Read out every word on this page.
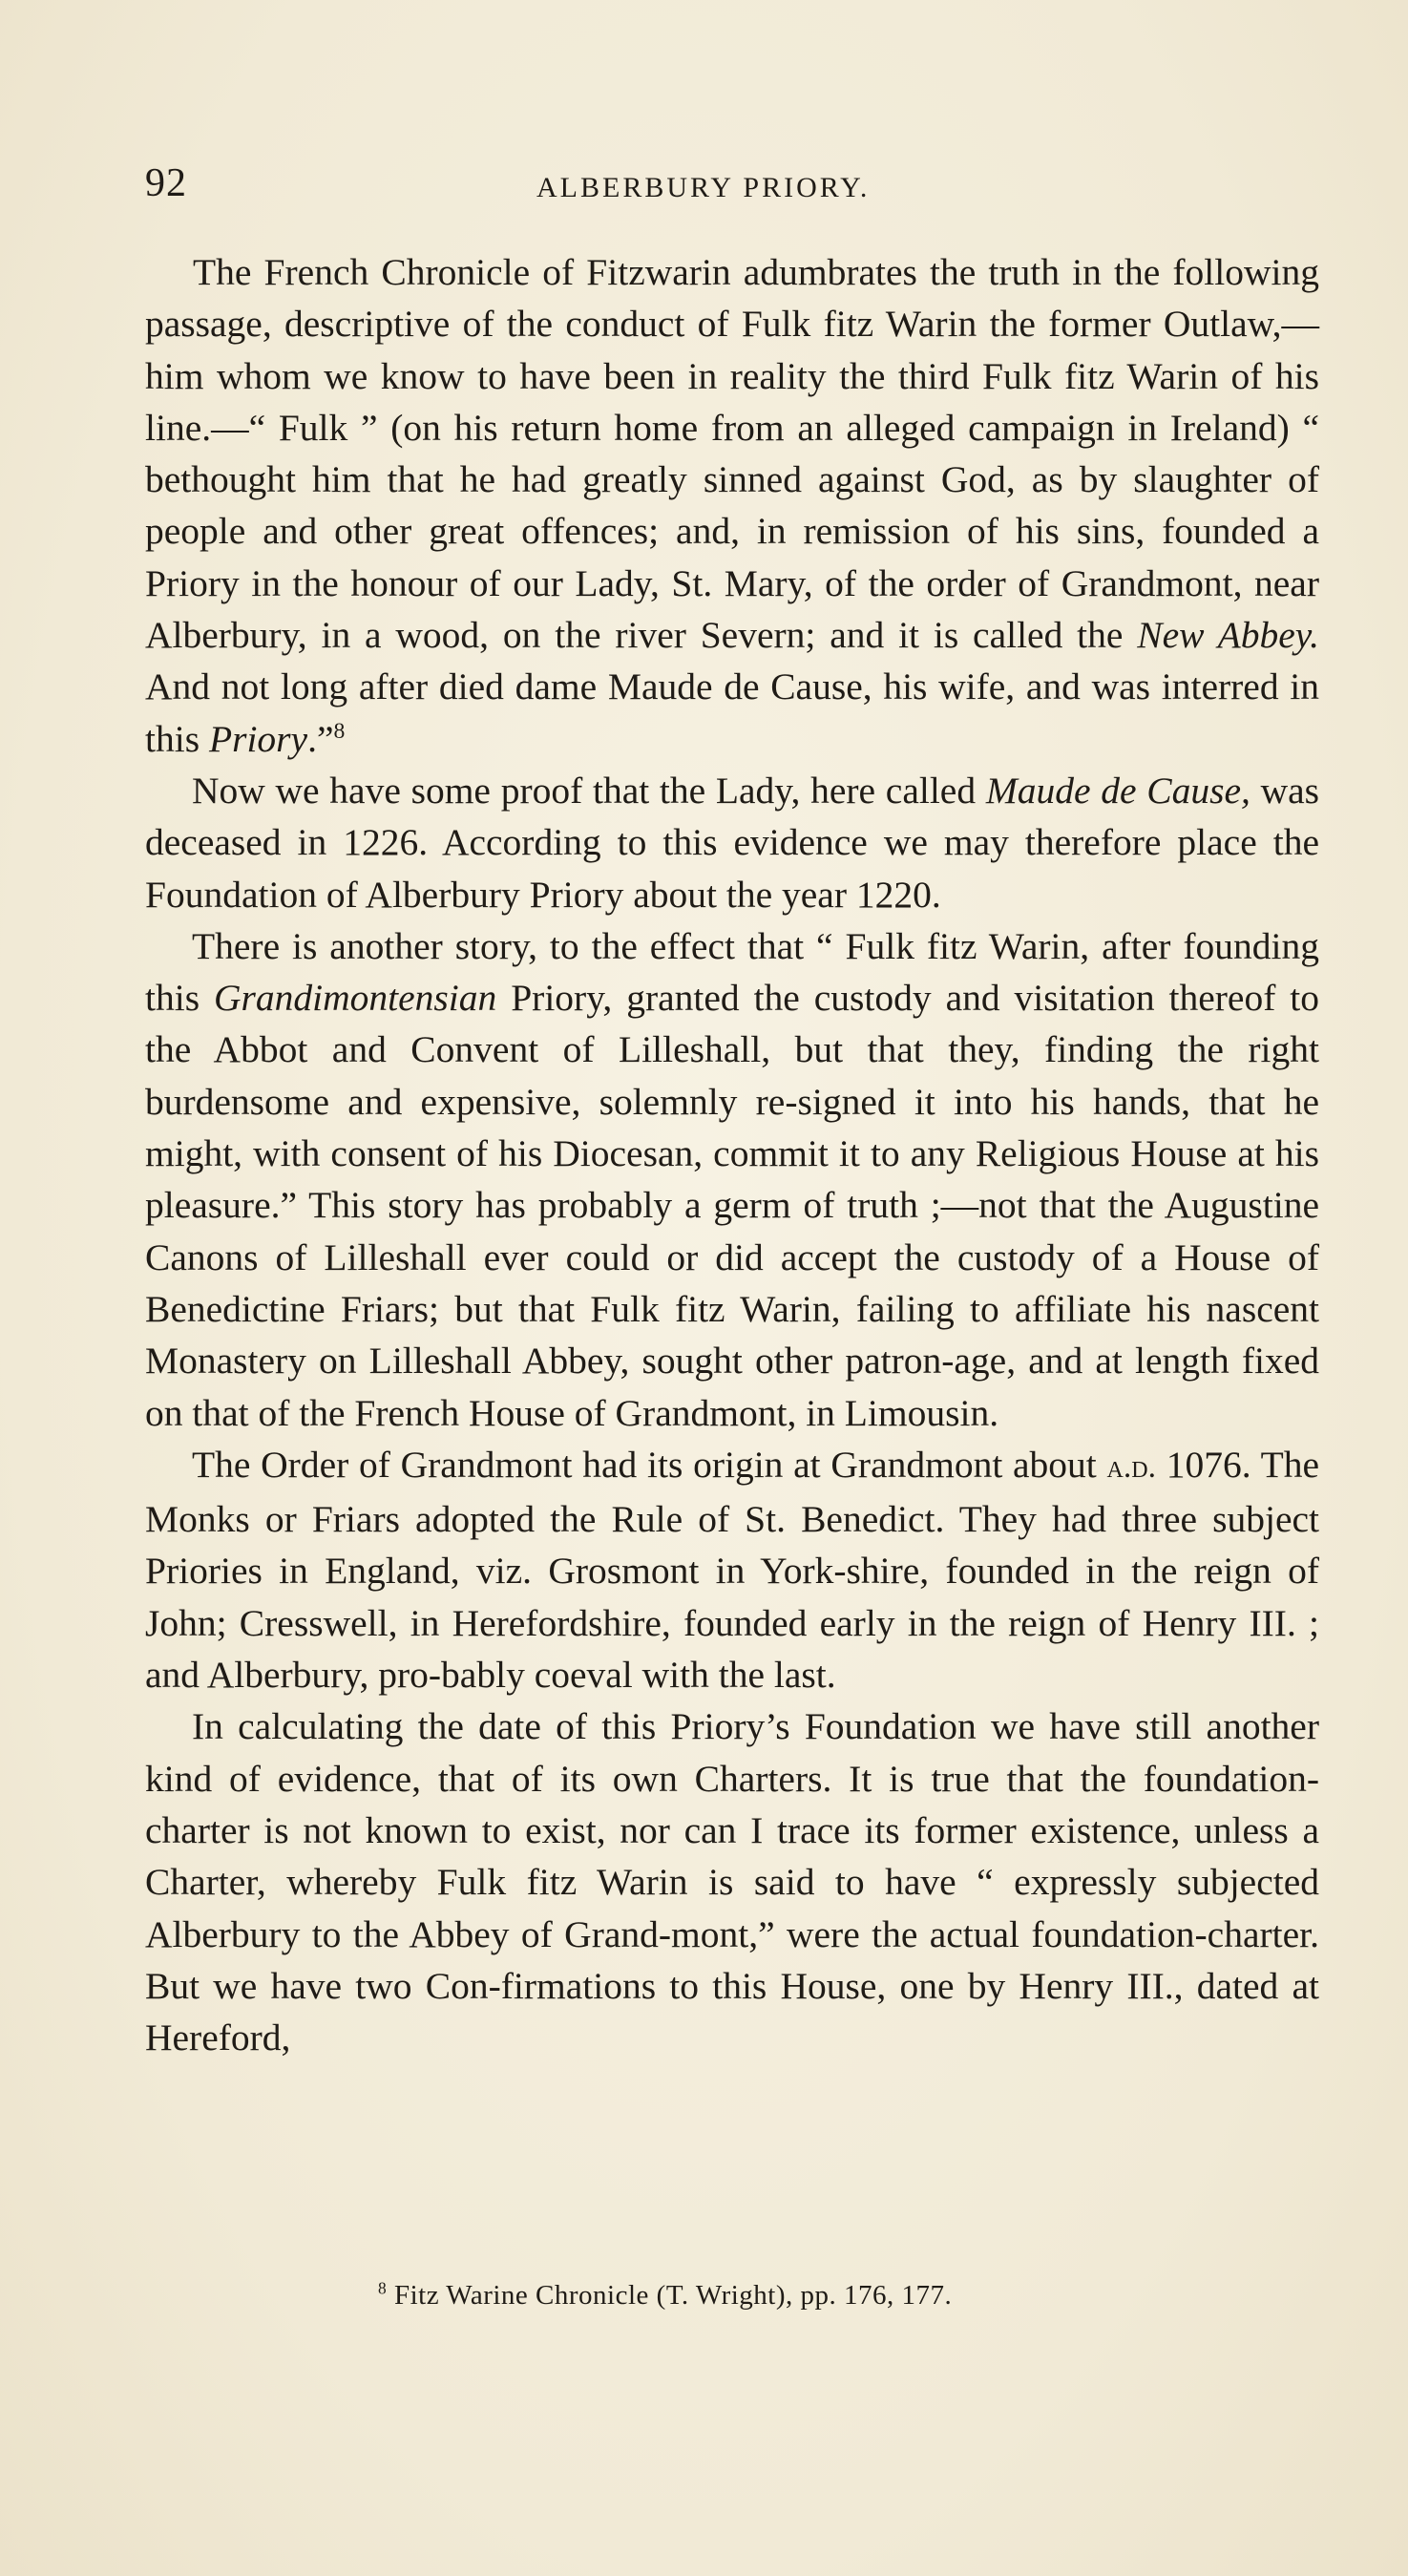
92	ALBERBURY PRIORY.

The French Chronicle of Fitzwarin adumbrates the truth in the following passage, descriptive of the conduct of Fulk fitz Warin the former Outlaw,—him whom we know to have been in reality the third Fulk fitz Warin of his line.—“ Fulk ” (on his return home from an alleged campaign in Ireland) “ bethought him that he had greatly sinned against God, as by slaughter of people and other great offences; and, in remission of his sins, founded a Priory in the honour of our Lady, St. Mary, of the order of Grandmont, near Alberbury, in a wood, on the river Severn; and it is called the New Abbey. And not long after died dame Maude de Cause, his wife, and was interred in this Priory.”$^8$

Now we have some proof that the Lady, here called Maude de Cause, was deceased in 1226. According to this evidence we may therefore place the Foundation of Alberbury Priory about the year 1220.

There is another story, to the effect that “ Fulk fitz Warin, after founding this Grandimontensian Priory, granted the custody and visitation thereof to the Abbot and Convent of Lilleshall, but that they, finding the right burdensome and expensive, solemnly re-signed it into his hands, that he might, with consent of his Diocesan, commit it to any Religious House at his pleasure.” This story has probably a germ of truth ;—not that the Augustine Canons of Lilleshall ever could or did accept the custody of a House of Benedictine Friars; but that Fulk fitz Warin, failing to affiliate his nascent Monastery on Lilleshall Abbey, sought other patron-age, and at length fixed on that of the French House of Grandmont, in Limousin.

The Order of Grandmont had its origin at Grandmont about a.d. 1076. The Monks or Friars adopted the Rule of St. Benedict. They had three subject Priories in England, viz. Grosmont in York-shire, founded in the reign of John; Cresswell, in Herefordshire, founded early in the reign of Henry III. ; and Alberbury, pro-bably coeval with the last.

In calculating the date of this Priory’s Foundation we have still another kind of evidence, that of its own Charters. It is true that the foundation-charter is not known to exist, nor can I trace its former existence, unless a Charter, whereby Fulk fitz Warin is said to have “ expressly subjected Alberbury to the Abbey of Grand-mont,” were the actual foundation-charter. But we have two Con-firmations to this House, one by Henry III., dated at Hereford,

$^8$ Fitz Warine Chronicle (T. Wright), pp. 176, 177.
